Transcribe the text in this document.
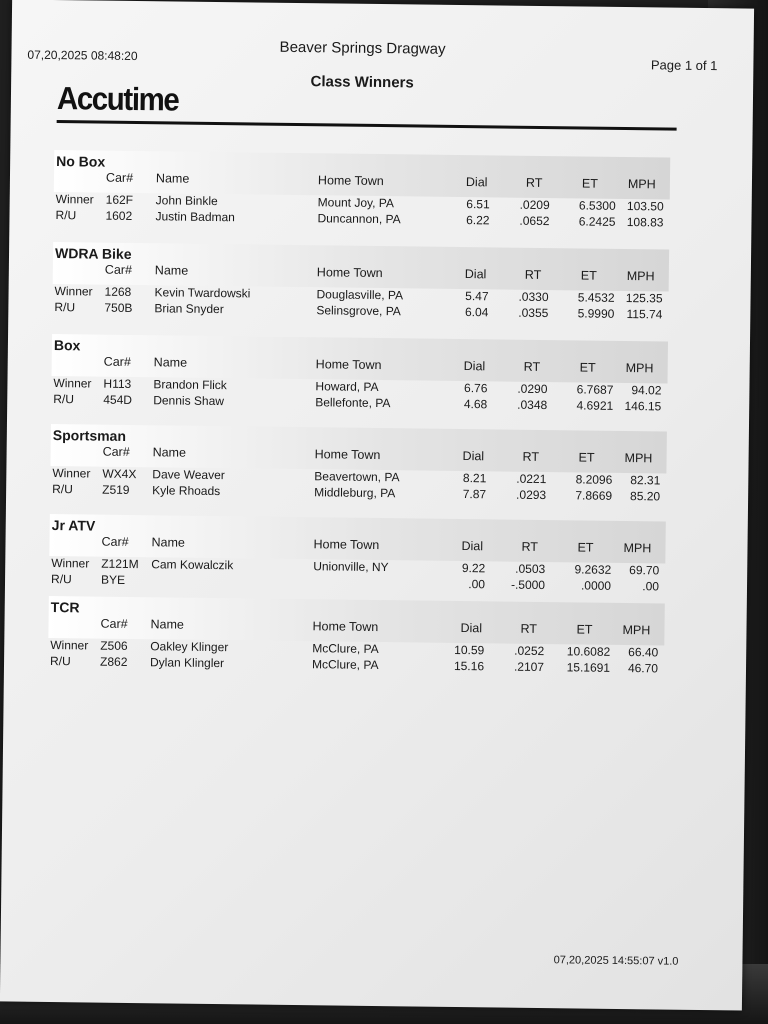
07,20,2025 08:48:20	Beaver Springs Dragway
Class Winners
Page 1 of 1
Accutime
No Box
Car# Name	Home Town	Dial	RT	ET MPH
Winner 162F John Binkle	Mount Joy, PA	6.51	.0209	6.5300 103.50
R/U 1602 Justin Badman	Duncannon, PA	6.22	.0652	6.2425 108.83
WDRA Bike
Car# Name	Home Town	Dial	RT	ET MPH
Winner 1268 Kevin Twardowski	Douglasville, PA	5.47	.0330	5.4532 125.35
R/U 750B Brian Snyder	Selinsgrove, PA	6.04	.0355	5.9990	115.74
Box
Car# Name	Home Town	Dial	RT	ET MPH
Winner H113 Brandon Flick	Howard, PA	6.76	.0290	6.7687	94.02
R/U 454D Dennis Shaw	Bellefonte, PA	4.68	.0348	4.6921 146.15
Sportsman
Car# Name	Home Town	Dial	RT	ET MPH
Winner WX4X Dave Weaver	Beavertown, PA	8.21	.0221	8.2096	82.31
R/U Z519 Kyle Rhoads	Middleburg, PA	7.87	.0293	7.8669	85.20
Jr ATV
Car# Name	Home Town	Dial	RT	ET MPH
Winner Z121M Cam Kowalczik	Unionville, NY	9.22	.0503	9.2632	69.70
R/U BYE	.00	-.5000	.0000	.00
TCR
Car# Name	Home Town	Dial	RT	ET MPH
Winner Z506 Oakley Klinger	McClure, PA	10.59	.0252	10.6082	66.40
R/U Z862 Dylan Klingler	McClure, PA	15.16	.2107	15.1691	46.70
07,20,2025 14:55:07 v1.0
